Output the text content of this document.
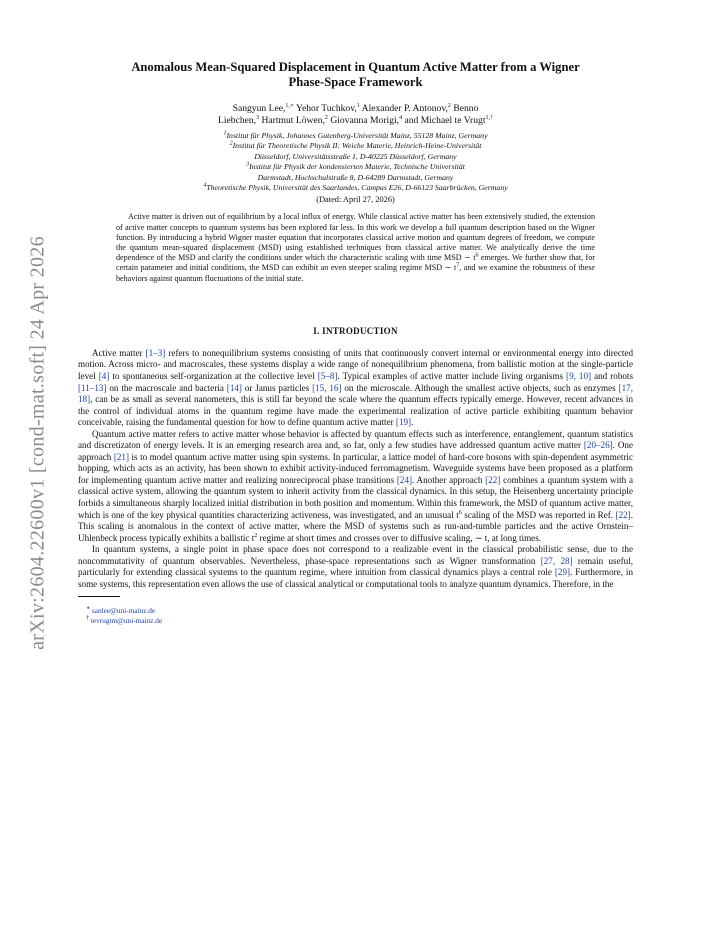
arXiv:2604.22600v1 [cond-mat.soft] 24 Apr 2026
Anomalous Mean-Squared Displacement in Quantum Active Matter from a Wigner
Phase-Space Framework
Sangyun Lee,$^{1,∗}$ Yehor Tuchkov,$^1$ Alexander P. Antonov,$^2$ Benno
Liebchen,$^3$ Hartmut Löwen,$^2$ Giovanna Morigi,$^4$ and Michael te Vrugt$^{1,\dagger}$
$^1$Institut für Physik, Johannes Gutenberg-Universität Mainz, 55128 Mainz, Germany
$^2$Institut für Theoretische Physik II: Weiche Materie, Heinrich-Heine-Universität
Düsseldorf, Universitätsstraße 1, D-40225 Düsseldorf, Germany
$^3$Institut für Physik der kondensierten Materie, Technische Universität
Darmstadt, Hochschulstraße 8, D-64289 Darmstadt, Germany
$^4$Theoretische Physik, Universität des Saarlandes, Campus E26, D-66123 Saarbrücken, Germany
(Dated: April 27, 2026)
Active matter is driven out of equilibrium by a local influx of energy. While classical active matter has been extensively studied, the extension of active matter concepts to quantum systems has been explored far less. In this work we develop a full quantum description based on the Wigner function. By introducing a hybrid Wigner master equation that incorporates classical active motion and quantum degrees of freedom, we compute the quantum mean-squared displacement (MSD) using established techniques from classical active matter. We analytically derive the time dependence of the MSD and clarify the conditions under which the characteristic scaling with time MSD ∼ $t^6$ emerges. We further show that, for certain parameter and initial conditions, the MSD can exhibit an even steeper scaling regime MSD ∼ $t^7$, and we examine the robustness of these behaviors against quantum fluctuations of the initial state.
I. INTRODUCTION

Active matter [1–3] refers to nonequilibrium systems consisting of units that continuously convert internal or environmental energy into directed motion. Across micro- and macroscales, these systems display a wide range of nonequilibrium phenomena, from ballistic motion at the single-particle level [4] to spontaneous self-organization at the collective level [5–8]. Typical examples of active matter include living organisms [9, 10] and robots [11–13] on the macroscale and bacteria [14] or Janus particles [15, 16] on the microscale. Although the smallest active objects, such as enzymes [17, 18], can be as small as several nanometers, this is still far beyond the scale where the quantum effects typically emerge. However, recent advances in the control of individual atoms in the quantum regime have made the experimental realization of active particle exhibiting quantum behavior conceivable, raising the fundamental question for how to define quantum active matter [19].

Quantum active matter refers to active matter whose behavior is affected by quantum effects such as interference, entanglement, quantum statistics and discretizaton of energy levels. It is an emerging research area and, so far, only a few studies have addressed quantum active matter [20–26]. One approach [21] is to model quantum active matter using spin systems. In particular, a lattice model of hard-core bosons with spin-dependent asymmetric hopping, which acts as an activity, has been shown to exhibit activity-induced ferromagnetism. Waveguide systems have been proposed as a platform for implementing quantum active matter and realizing nonreciprocal phase transitions [24]. Another approach [22] combines a quantum system with a classical active system, allowing the quantum system to inherit activity from the classical dynamics. In this setup, the Heisenberg uncertainty principle forbids a simultaneous sharply localized initial distribution in both position and momentum. Within this framework, the MSD of quantum active matter, which is one of the key physical quantities characterizing activeness, was investigated, and an unusual $t^6$ scaling of the MSD was reported in Ref. [22]. This scaling is anomalous in the context of active matter, where the MSD of systems such as run-and-tumble particles and the active Ornstein–Uhlenbeck process typically exhibits a ballistic $t^2$ regime at short times and crosses over to diffusive scaling, ∼ t, at long times.

In quantum systems, a single point in phase space does not correspond to a realizable event in the classical probabilistic sense, due to the noncommutativity of quantum observables. Nevertheless, phase-space representations such as Wigner transformation [27, 28] remain useful, particularly for extending classical systems to the quantum regime, where intuition from classical dynamics plays a central role [29]. Furthermore, in some systems, this representation even allows the use of classical analytical or computational tools to analyze quantum dynamics. Therefore, in the

∗ sanlee@uni-mainz.de
† tevrugtm@uni-mainz.de
